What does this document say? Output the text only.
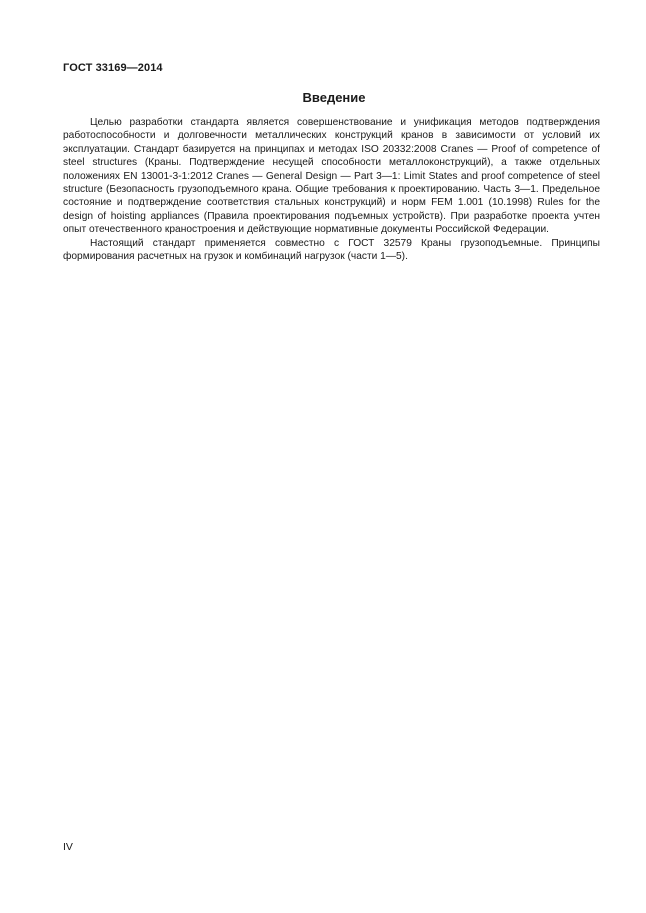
ГОСТ 33169—2014
Введение

Целью разработки стандарта является совершенствование и унификация методов подтверждения работоспособности и долговечности металлических конструкций кранов в зависимости от условий их эксплуатации. Стандарт базируется на принципах и методах ISO 20332:2008 Cranes — Proof of competence of steel structures (Краны. Подтверждение несущей способности металлоконструкций), а также отдельных положениях EN 13001-3-1:2012 Cranes — General Design — Part 3—1: Limit States and proof competence of steel structure (Безопасность грузоподъемного крана. Общие требования к проектированию. Часть 3—1. Предельное состояние и подтверждение соответствия стальных конструкций) и норм FEM 1.001 (10.1998) Rules for the design of hoisting appliances (Правила проектирования подъемных устройств). При разработке проекта учтен опыт отечественного краностроения и действующие нормативные документы Российской Федерации.

Настоящий стандарт применяется совместно с ГОСТ 32579 Краны грузоподъемные. Принципы формирования расчетных на грузок и комбинаций нагрузок (части 1—5).

IV
